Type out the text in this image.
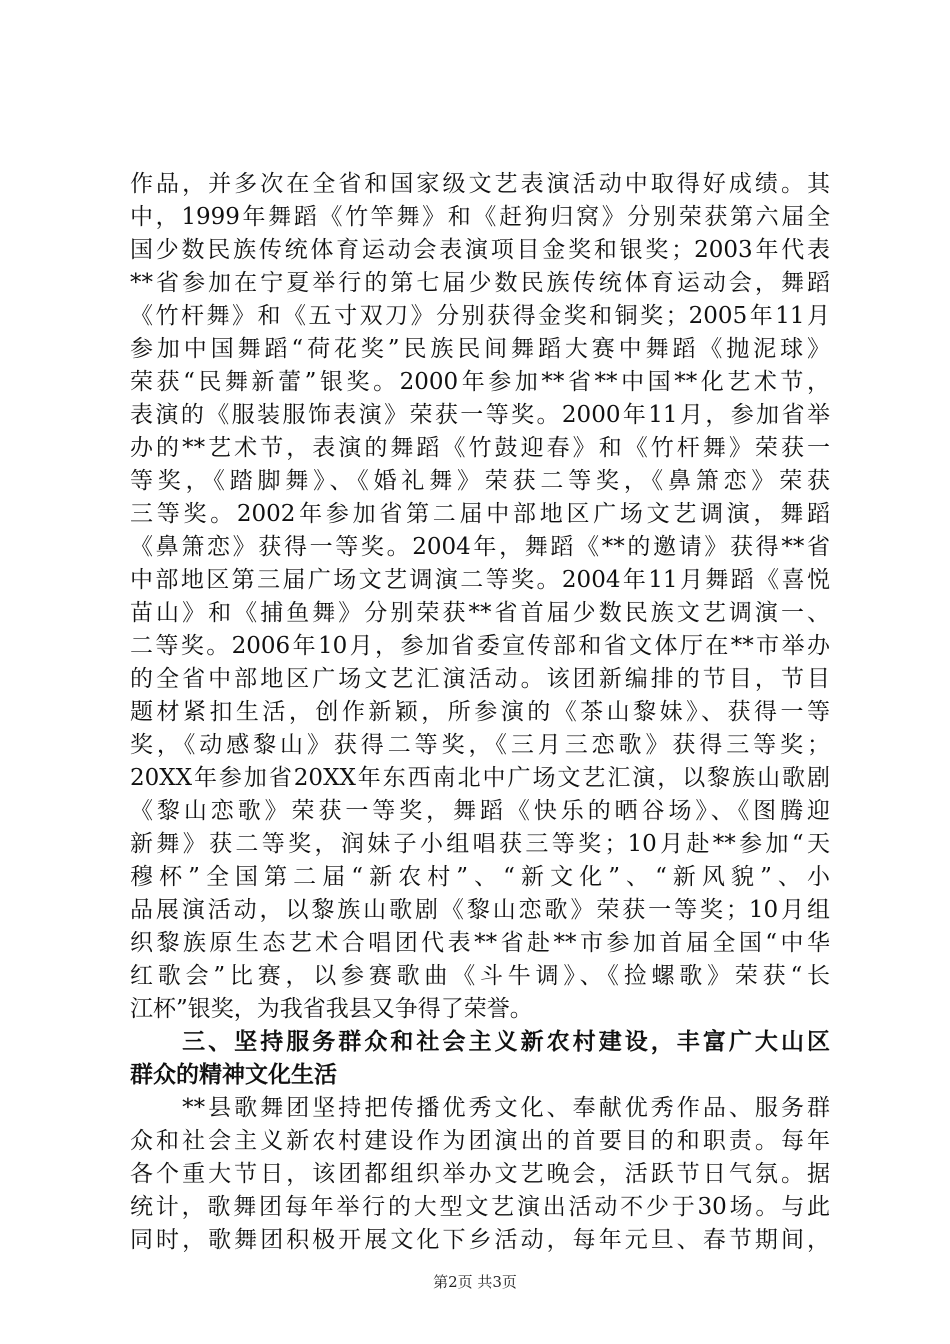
作品，并多次在全省和国家级文艺表演活动中取得好成绩。其
中，1999年舞蹈《竹竿舞》和《赶狗归窝》分别荣获第六届全
国少数民族传统体育运动会表演项目金奖和银奖；2003年代表
**省参加在宁夏举行的第七届少数民族传统体育运动会，舞蹈
《竹杆舞》和《五寸双刀》分别获得金奖和铜奖；2005年11月
参加中国舞蹈“荷花奖”民族民间舞蹈大赛中舞蹈《抛泥球》
荣获“民舞新蕾”银奖。2000年参加**省**中国**化艺术节，
表演的《服装服饰表演》荣获一等奖。2000年11月，参加省举
办的**艺术节，表演的舞蹈《竹鼓迎春》和《竹杆舞》荣获一
等奖，《踏脚舞》、《婚礼舞》荣获二等奖，《鼻箫恋》荣获
三等奖。2002年参加省第二届中部地区广场文艺调演，舞蹈
《鼻箫恋》获得一等奖。2004年，舞蹈《**的邀请》获得**省
中部地区第三届广场文艺调演二等奖。2004年11月舞蹈《喜悦
苗山》和《捕鱼舞》分别荣获**省首届少数民族文艺调演一、
二等奖。2006年10月，参加省委宣传部和省文体厅在**市举办
的全省中部地区广场文艺汇演活动。该团新编排的节目，节目
题材紧扣生活，创作新颖，所参演的《茶山黎妹》、获得一等
奖，《动感黎山》获得二等奖，《三月三恋歌》获得三等奖；
20XX年参加省20XX年东西南北中广场文艺汇演，以黎族山歌剧
《黎山恋歌》荣获一等奖，舞蹈《快乐的晒谷场》、《图腾迎
新舞》获二等奖，润妹子小组唱获三等奖；10月赴**参加“天
穆杯”全国第二届“新农村”、“新文化”、“新风貌”、小
品展演活动，以黎族山歌剧《黎山恋歌》荣获一等奖；10月组
织黎族原生态艺术合唱团代表**省赴**市参加首届全国“中华
红歌会”比赛，以参赛歌曲《斗牛调》、《捡螺歌》荣获“长
江杯”银奖，为我省我县又争得了荣誉。
　　三、坚持服务群众和社会主义新农村建设，丰富广大山区
群众的精神文化生活
　　**县歌舞团坚持把传播优秀文化、奉献优秀作品、服务群
众和社会主义新农村建设作为团演出的首要目的和职责。每年
各个重大节日，该团都组织举办文艺晚会，活跃节日气氛。据
统计，歌舞团每年举行的大型文艺演出活动不少于30场。与此
同时，歌舞团积极开展文化下乡活动，每年元旦、春节期间，
第2页 共3页
